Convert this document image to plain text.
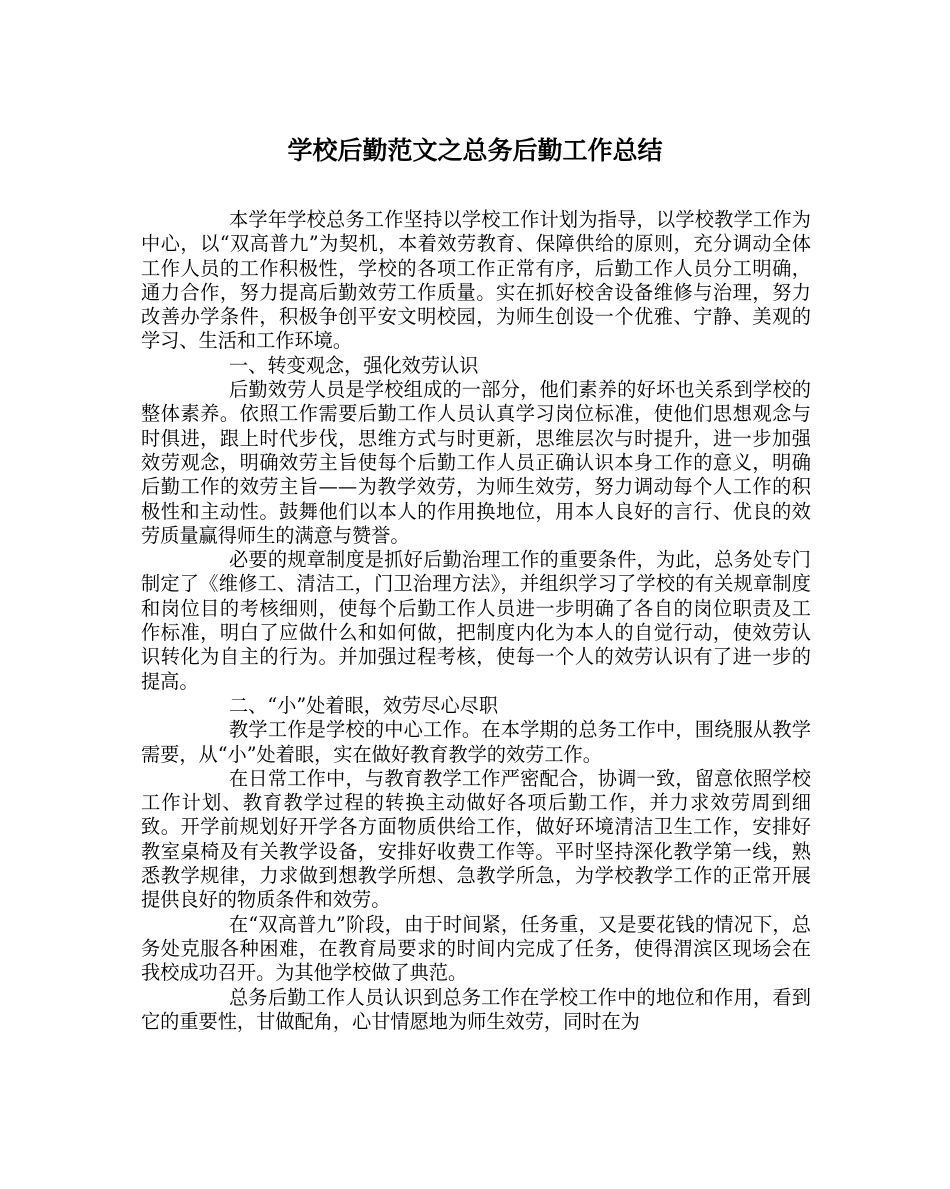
学校后勤范文之总务后勤工作总结

本学年学校总务工作坚持以学校工作计划为指导，以学校教学工作为中心，以“双高普九”为契机，本着效劳教育、保障供给的原则，充分调动全体工作人员的工作积极性，学校的各项工作正常有序，后勤工作人员分工明确，通力合作，努力提高后勤效劳工作质量。实在抓好校舍设备维修与治理，努力改善办学条件，积极争创平安文明校园，为师生创设一个优雅、宁静、美观的学习、生活和工作环境。

一、转变观念，强化效劳认识

后勤效劳人员是学校组成的一部分，他们素养的好坏也关系到学校的整体素养。依照工作需要后勤工作人员认真学习岗位标准，使他们思想观念与时俱进，跟上时代步伐，思维方式与时更新，思维层次与时提升，进一步加强效劳观念，明确效劳主旨使每个后勤工作人员正确认识本身工作的意义，明确后勤工作的效劳主旨——为教学效劳，为师生效劳，努力调动每个人工作的积极性和主动性。鼓舞他们以本人的作用换地位，用本人良好的言行、优良的效劳质量赢得师生的满意与赞誉。

必要的规章制度是抓好后勤治理工作的重要条件，为此，总务处专门制定了《维修工、清洁工，门卫治理方法》，并组织学习了学校的有关规章制度和岗位目的考核细则，使每个后勤工作人员进一步明确了各自的岗位职责及工作标准，明白了应做什么和如何做，把制度内化为本人的自觉行动，使效劳认识转化为自主的行为。并加强过程考核，使每一个人的效劳认识有了进一步的提高。

二、“小”处着眼，效劳尽心尽职

教学工作是学校的中心工作。在本学期的总务工作中，围绕服从教学 需要，从“小”处着眼，实在做好教育教学的效劳工作。

在日常工作中，与教育教学工作严密配合，协调一致，留意依照学校工作计划、教育教学过程的转换主动做好各项后勤工作，并力求效劳周到细致。开学前规划好开学各方面物质供给工作，做好环境清洁卫生工作，安排好教室桌椅及有关教学设备，安排好收费工作等。平时坚持深化教学第一线，熟悉教学规律，力求做到想教学所想、急教学所急，为学校教学工作的正常开展提供良好的物质条件和效劳。

在“双高普九”阶段，由于时间紧，任务重，又是要花钱的情况下，总务处克服各种困难，在教育局要求的时间内完成了任务，使得渭滨区现场会在我校成功召开。为其他学校做了典范。

总务后勤工作人员认识到总务工作在学校工作中的地位和作用，看到它的重要性，甘做配角，心甘情愿地为师生效劳，同时在为
